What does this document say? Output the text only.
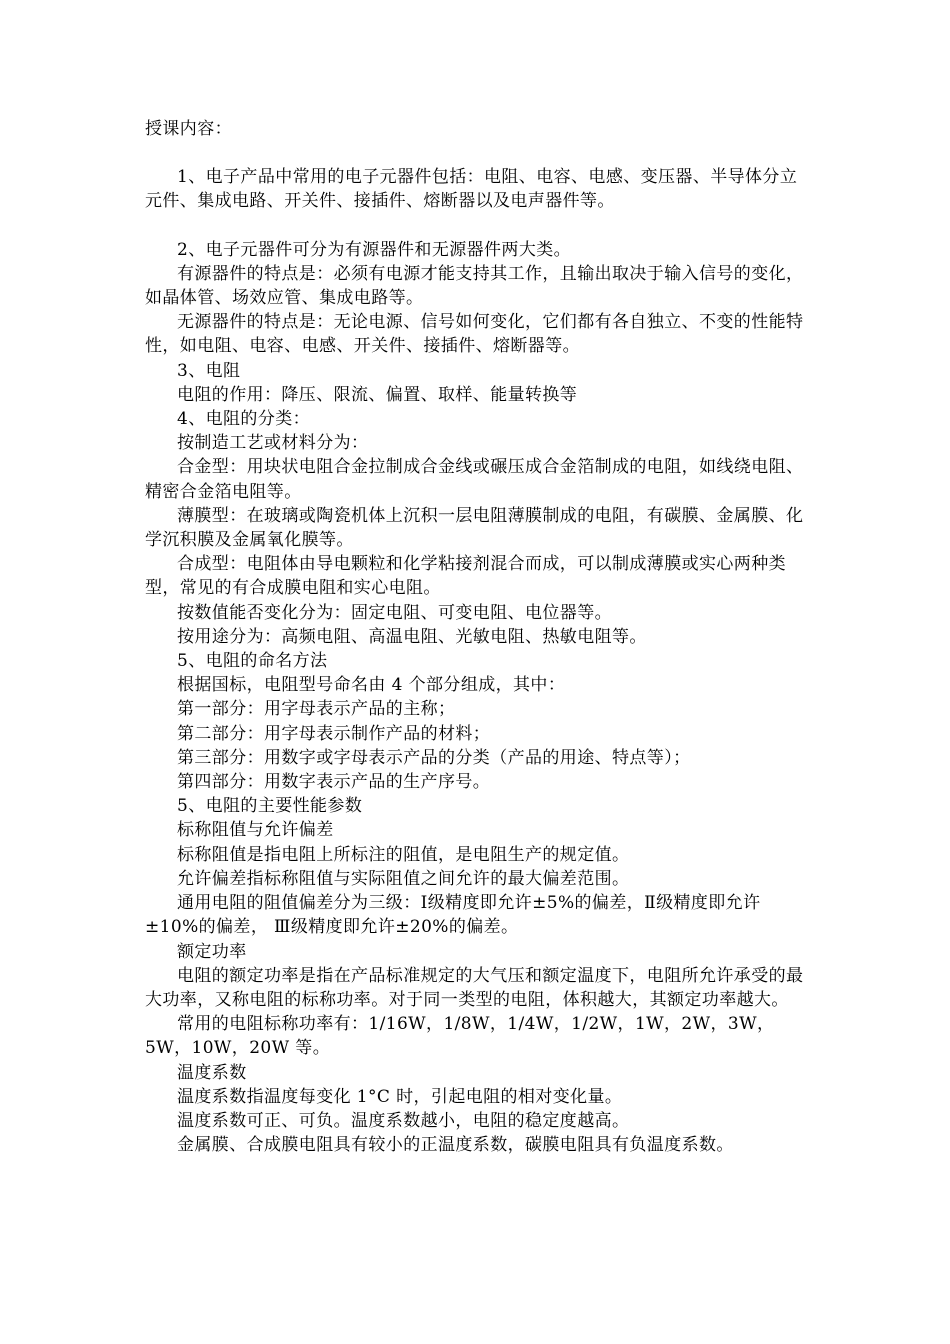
授课内容：

1、电子产品中常用的电子元器件包括：电阻、电容、电感、变压器、半导体分立元件、集成电路、开关件、接插件、熔断器以及电声器件等。

2、电子元器件可分为有源器件和无源器件两大类。

有源器件的特点是：必须有电源才能支持其工作，且输出取决于输入信号的变化，如晶体管、场效应管、集成电路等。

无源器件的特点是：无论电源、信号如何变化，它们都有各自独立、不变的性能特性，如电阻、电容、电感、开关件、接插件、熔断器等。

3、电阻

电阻的作用：降压、限流、偏置、取样、能量转换等

4、电阻的分类：

按制造工艺或材料分为：

合金型：用块状电阻合金拉制成合金线或碾压成合金箔制成的电阻，如线绕电阻、精密合金箔电阻等。

薄膜型：在玻璃或陶瓷机体上沉积一层电阻薄膜制成的电阻，有碳膜、金属膜、化学沉积膜及金属氧化膜等。

合成型：电阻体由导电颗粒和化学粘接剂混合而成，可以制成薄膜或实心两种类型，常见的有合成膜电阻和实心电阻。

按数值能否变化分为：固定电阻、可变电阻、电位器等。

按用途分为：高频电阻、高温电阻、光敏电阻、热敏电阻等。

5、电阻的命名方法

根据国标，电阻型号命名由 4 个部分组成，其中：

第一部分：用字母表示产品的主称；

第二部分：用字母表示制作产品的材料；

第三部分：用数字或字母表示产品的分类（产品的用途、特点等）；

第四部分：用数字表示产品的生产序号。

5、电阻的主要性能参数

标称阻值与允许偏差

标称阻值是指电阻上所标注的阻值，是电阻生产的规定值。

允许偏差指标称阻值与实际阻值之间允许的最大偏差范围。

通用电阻的阻值偏差分为三级：Ⅰ级精度即允许±5%的偏差，Ⅱ级精度即允许±10%的偏差， Ⅲ级精度即允许±20%的偏差。

额定功率

电阻的额定功率是指在产品标准规定的大气压和额定温度下，电阻所允许承受的最大功率，又称电阻的标称功率。对于同一类型的电阻，体积越大，其额定功率越大。

常用的电阻标称功率有：1/16W，1/8W，1/4W，1/2W，1W，2W，3W，5W，10W，20W 等。

温度系数

温度系数指温度每变化 1°C 时，引起电阻的相对变化量。

温度系数可正、可负。温度系数越小，电阻的稳定度越高。

金属膜、合成膜电阻具有较小的正温度系数，碳膜电阻具有负温度系数。
